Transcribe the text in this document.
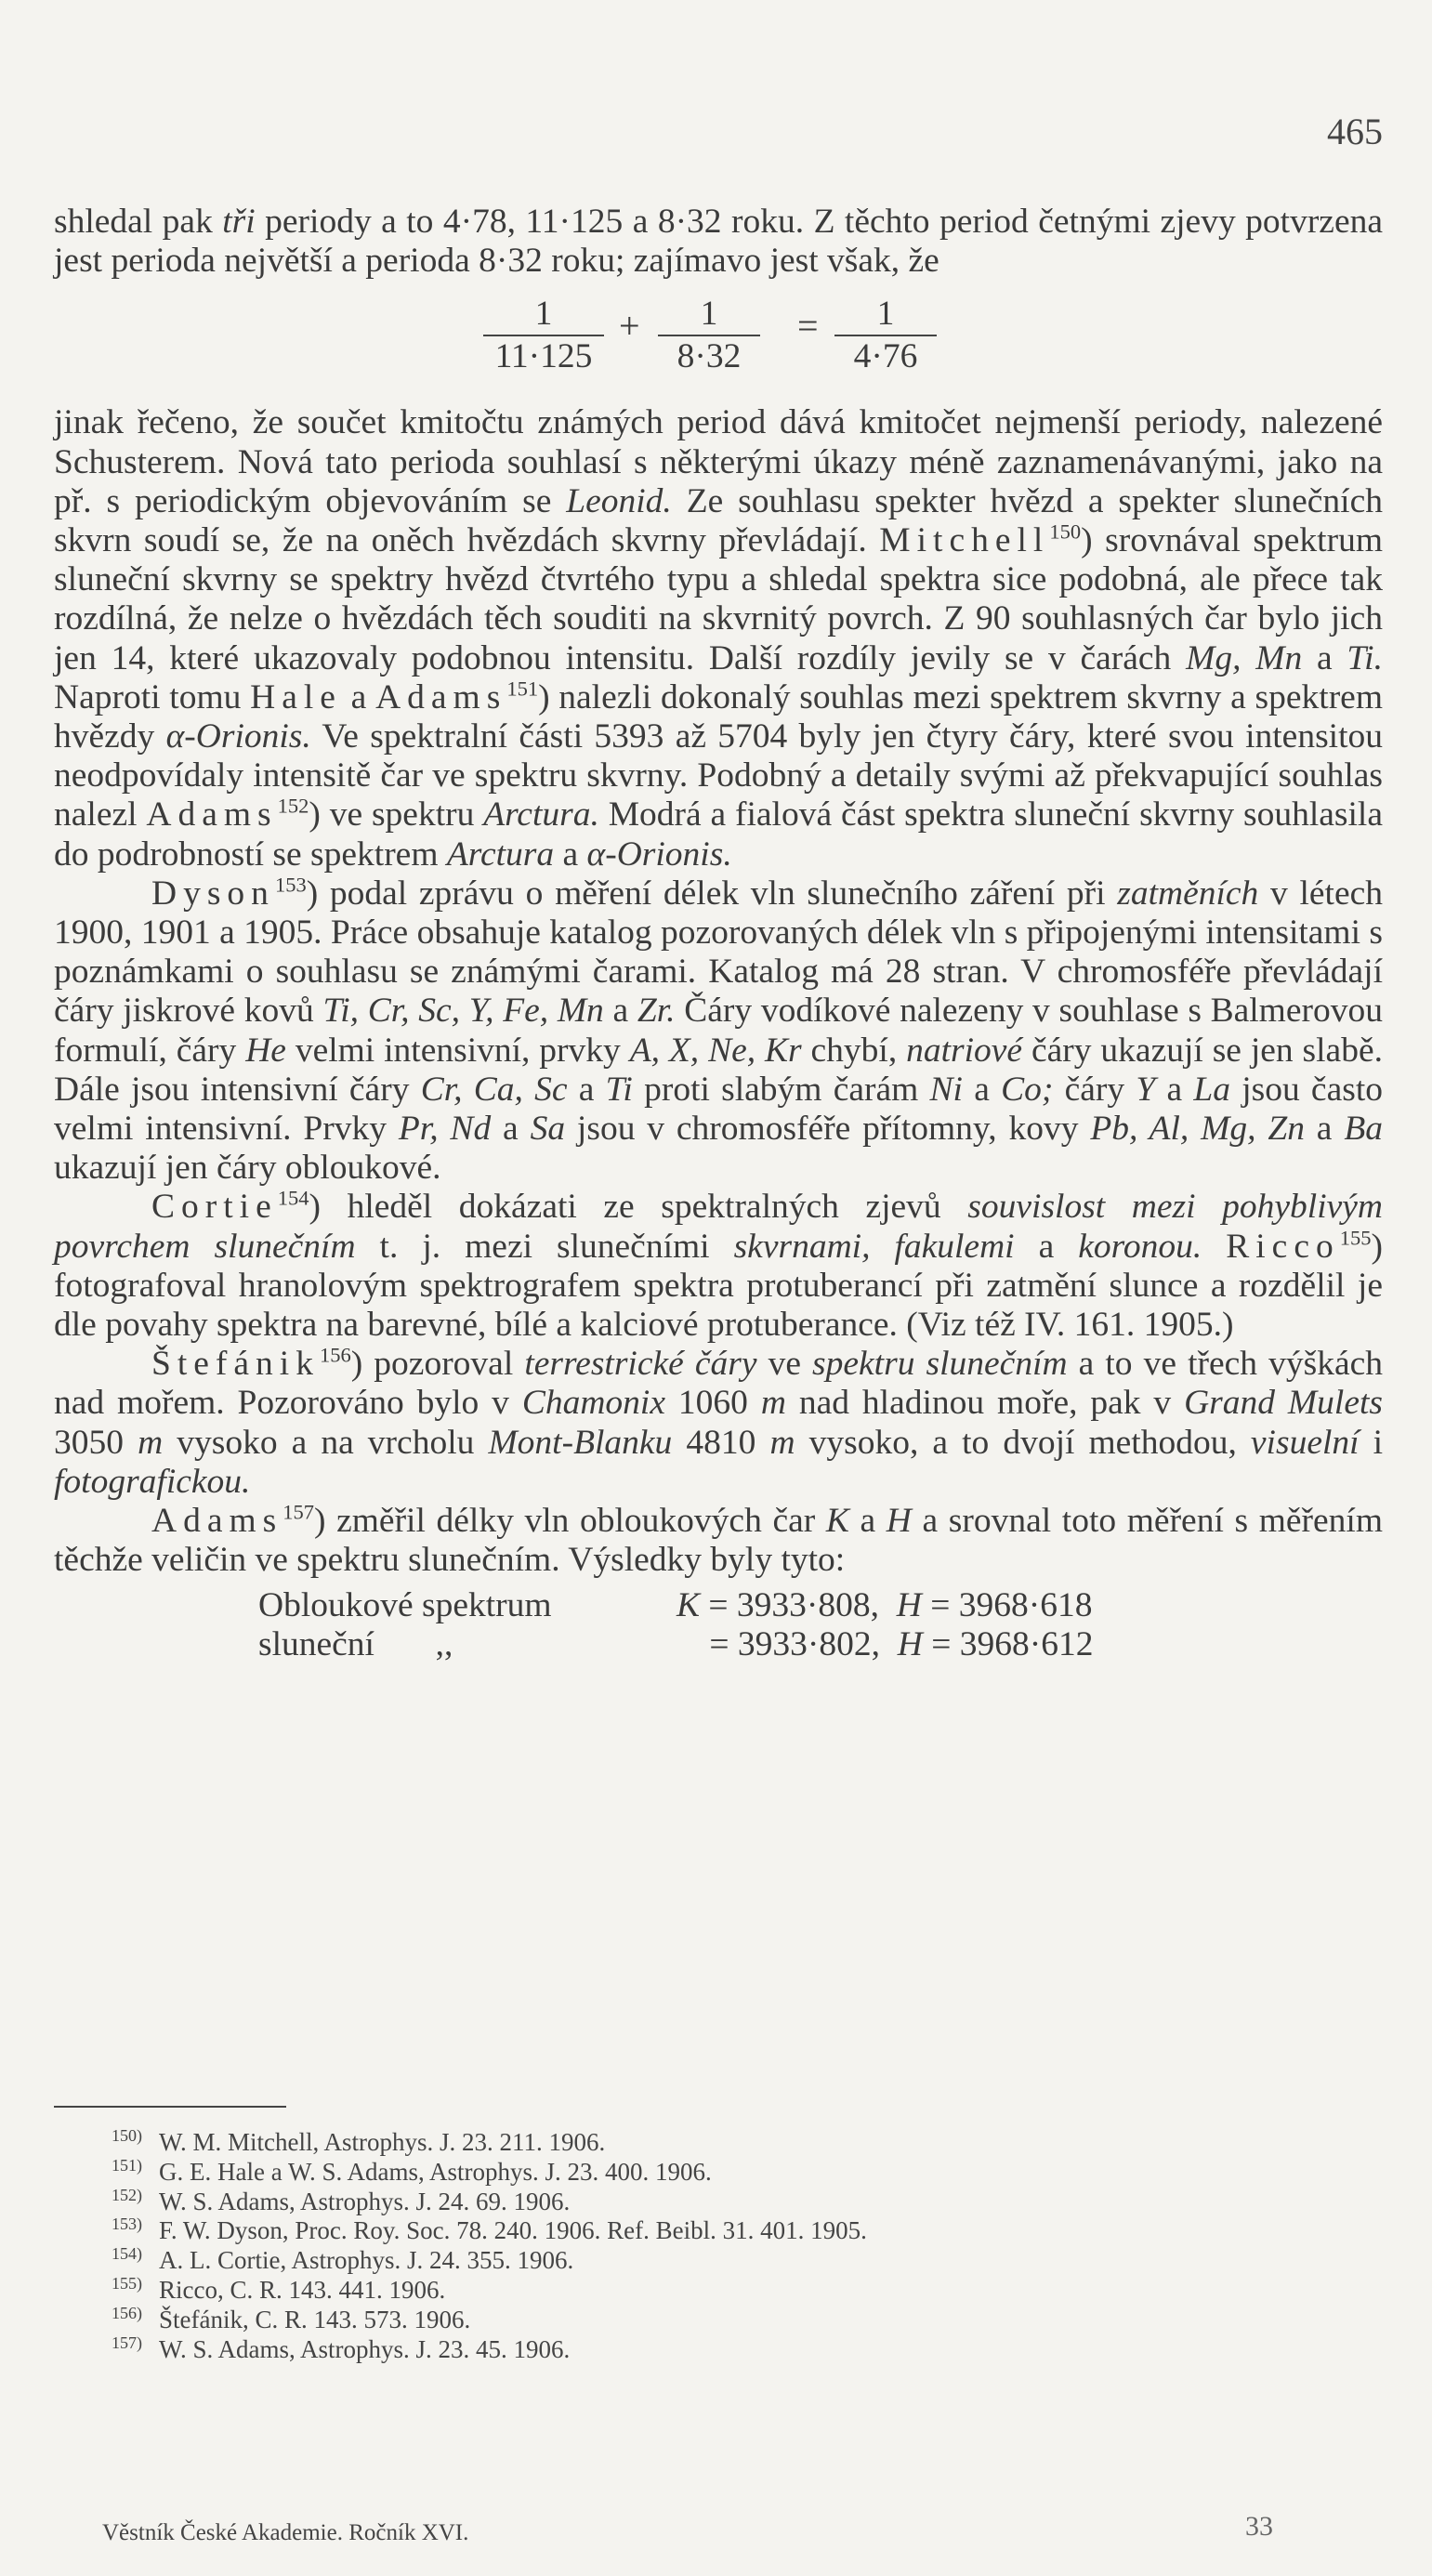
465

shledal pak tři periody a to 4·78, 11·125 a 8·32 roku. Z těchto period četnými zjevy potvrzena jest perioda největší a perioda 8·32 roku; zajímavo jest však, že

$\frac{1}{11\cdot 125} + \frac{1}{8\cdot 32} = \frac{1}{4\cdot 76}$

jinak řečeno, že součet kmitočtu známých period dává kmitočet nejmenší periody, nalezené Schusterem. Nová tato perioda souhlasí s některými úkazy méně zaznamenávanými, jako na př. s periodickým objevováním se Leonid. Ze souhlasu spekter hvězd a spekter slunečních skvrn soudí se, že na oněch hvězdách skvrny převládají. Mitchell$^{150}$) srovnával spektrum sluneční skvrny se spektry hvězd čtvrtého typu a shledal spektra sice podobná, ale přece tak rozdílná, že nelze o hvězdách těch souditi na skvrnitý povrch. Z 90 souhlasných čar bylo jich jen 14, které ukazovaly podobnou intensitu. Další rozdíly jevily se v čarách Mg, Mn a Ti. Naproti tomu Hale a Adams$^{151}$) nalezli dokonalý souhlas mezi spektrem skvrny a spektrem hvězdy α-Orionis. Ve spektralní části 5393 až 5704 byly jen čtyry čáry, které svou intensitou neodpovídaly intensitě čar ve spektru skvrny. Podobný a detaily svými až překvapující souhlas nalezl Adams$^{152}$) ve spektru Arctura. Modrá a fialová část spektra sluneční skvrny souhlasila do podrobností se spektrem Arctura a α-Orionis.

Dyson$^{153}$) podal zprávu o měření délek vln slunečního záření při zatměních v létech 1900, 1901 a 1905. Práce obsahuje katalog pozorovaných délek vln s připojenými intensitami s poznámkami o souhlasu se známými čarami. Katalog má 28 stran. V chromosféře převládají čáry jiskrové kovů Ti, Cr, Sc, Y, Fe, Mn a Zr. Čáry vodíkové nalezeny v souhlase s Balmerovou formulí, čáry He velmi intensivní, prvky A, X, Ne, Kr chybí, natriové čáry ukazují se jen slabě. Dále jsou intensivní čáry Cr, Ca, Sc a Ti proti slabým čarám Ni a Co; čáry Y a La jsou často velmi intensivní. Prvky Pr, Nd a Sa jsou v chromosféře přítomny, kovy Pb, Al, Mg, Zn a Ba ukazují jen čáry obloukové.

Cortie$^{154}$) hleděl dokázati ze spektralných zjevů souvislost mezi pohyblivým povrchem slunečním t. j. mezi slunečními skvrnami, fakulemi a koronou. Ricco$^{155}$) fotografoval hranolovým spektrografem spektra protuberancí při zatmění slunce a rozdělil je dle povahy spektra na barevné, bílé a kalciové protuberance. (Viz též IV. 161. 1905.)

Štefánik$^{156}$) pozoroval terrestrické čáry ve spektru slunečním a to ve třech výškách nad mořem. Pozorováno bylo v Chamonix 1060 m nad hladinou moře, pak v Grand Mulets 3050 m vysoko a na vrcholu Mont-Blanku 4810 m vysoko, a to dvojí methodou, visuelní i fotografickou.

Adams$^{157}$) změřil délky vln obloukových čar K a H a srovnal toto měření s měřením těchže veličin ve spektru slunečním. Výsledky byly tyto:

Obloukové spektrum	K = 3933·808, H = 3968·618
sluneční       ,,	= 3933·802, H = 3968·612
$^{150)}$ W. M. Mitchell, Astrophys. J. 23. 211. 1906.
$^{151)}$ G. E. Hale a W. S. Adams, Astrophys. J. 23. 400. 1906.
$^{152)}$ W. S. Adams, Astrophys. J. 24. 69. 1906.
$^{153)}$ F. W. Dyson, Proc. Roy. Soc. 78. 240. 1906. Ref. Beibl. 31. 401. 1905.
$^{154)}$ A. L. Cortie, Astrophys. J. 24. 355. 1906.
$^{155)}$ Ricco, C. R. 143. 441. 1906.
$^{156)}$ Štefánik, C. R. 143. 573. 1906.
$^{157)}$ W. S. Adams, Astrophys. J. 23. 45. 1906.
Věstník České Akademie. Ročník XVI.	33
